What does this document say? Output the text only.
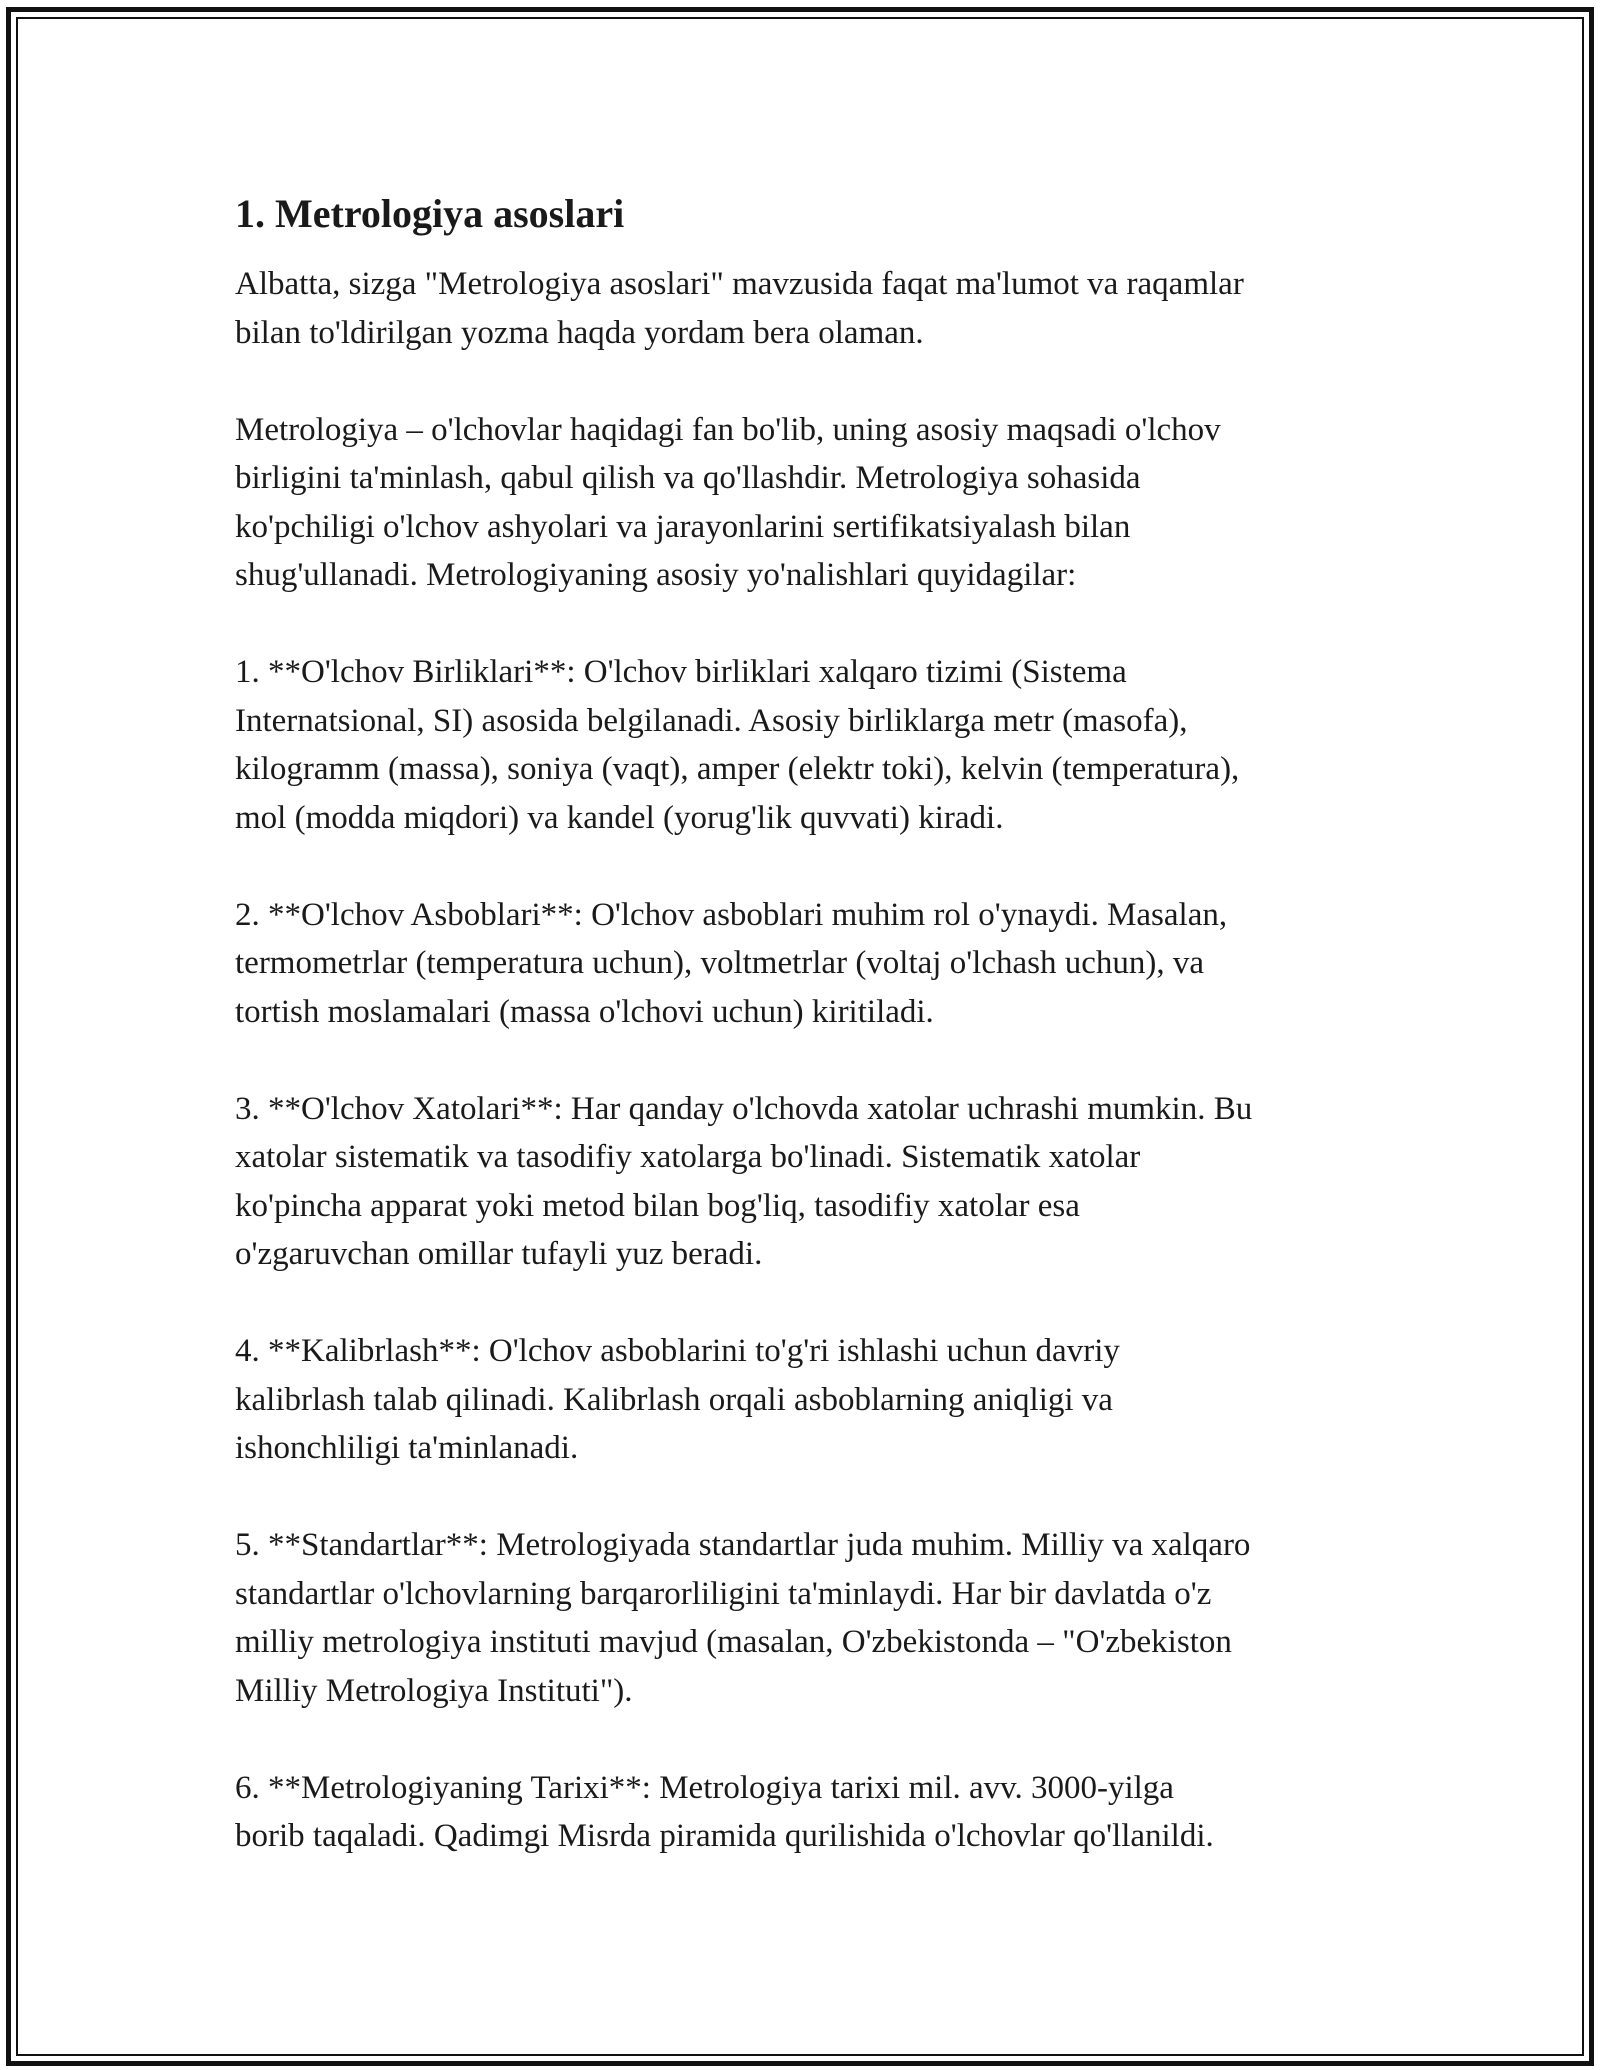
1. Metrologiya asoslari

Albatta, sizga "Metrologiya asoslari" mavzusida faqat ma'lumot va raqamlar
bilan to'ldirilgan yozma haqda yordam bera olaman.

Metrologiya – o'lchovlar haqidagi fan bo'lib, uning asosiy maqsadi o'lchov
birligini ta'minlash, qabul qilish va qo'llashdir. Metrologiya sohasida
ko'pchiligi o'lchov ashyolari va jarayonlarini sertifikatsiyalash bilan
shug'ullanadi. Metrologiyaning asosiy yo'nalishlari quyidagilar:

1. **O'lchov Birliklari**: O'lchov birliklari xalqaro tizimi (Sistema
Internatsional, SI) asosida belgilanadi. Asosiy birliklarga metr (masofa),
kilogramm (massa), soniya (vaqt), amper (elektr toki), kelvin (temperatura),
mol (modda miqdori) va kandel (yorug'lik quvvati) kiradi.

2. **O'lchov Asboblari**: O'lchov asboblari muhim rol o'ynaydi. Masalan,
termometrlar (temperatura uchun), voltmetrlar (voltaj o'lchash uchun), va
tortish moslamalari (massa o'lchovi uchun) kiritiladi.

3. **O'lchov Xatolari**: Har qanday o'lchovda xatolar uchrashi mumkin. Bu
xatolar sistematik va tasodifiy xatolarga bo'linadi. Sistematik xatolar
ko'pincha apparat yoki metod bilan bog'liq, tasodifiy xatolar esa
o'zgaruvchan omillar tufayli yuz beradi.

4. **Kalibrlash**: O'lchov asboblarini to'g'ri ishlashi uchun davriy
kalibrlash talab qilinadi. Kalibrlash orqali asboblarning aniqligi va
ishonchliligi ta'minlanadi.

5. **Standartlar**: Metrologiyada standartlar juda muhim. Milliy va xalqaro
standartlar o'lchovlarning barqarorliligini ta'minlaydi. Har bir davlatda o'z
milliy metrologiya instituti mavjud (masalan, O'zbekistonda – "O'zbekiston
Milliy Metrologiya Instituti").

6. **Metrologiyaning Tarixi**: Metrologiya tarixi mil. avv. 3000-yilga
borib taqaladi. Qadimgi Misrda piramida qurilishida o'lchovlar qo'llanildi.
